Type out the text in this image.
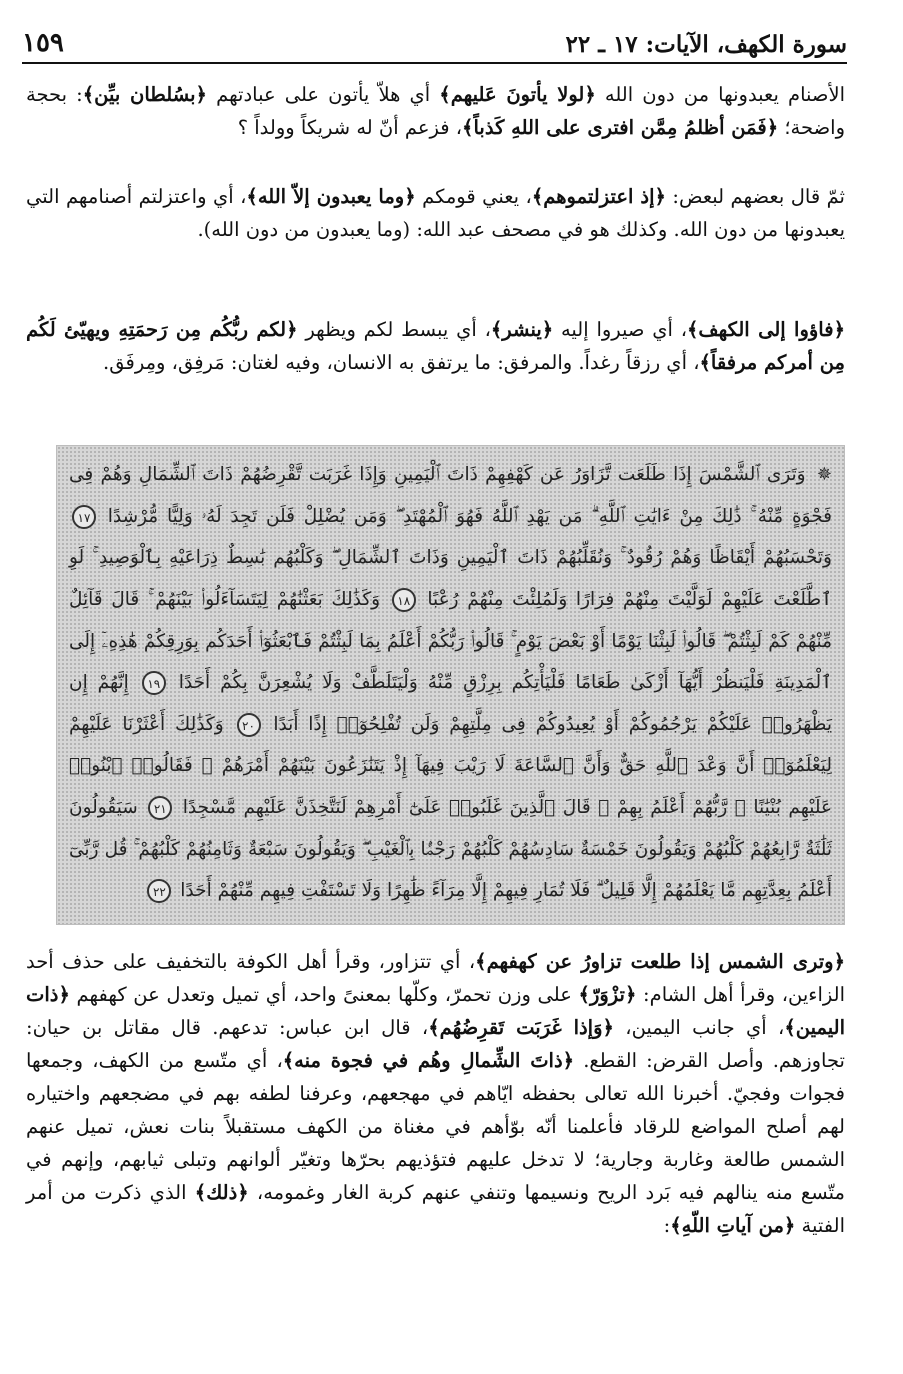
سورة الكهف، الآيات: ١٧ ـ ٢٢
١٥٩

الأصنام يعبدونها من دون الله ﴿لولا يأتونَ عَليهم﴾ أي هلاّ يأتون على عبادتهم ﴿بسُلطان بيِّن﴾: بحجة واضحة؛ ﴿فَمَن أظلمُ مِمَّن افترى على اللهِ كَذباً﴾، فزعم أنّ له شريكاً وولداً ؟

ثمّ قال بعضهم لبعض: ﴿إذ اعتزلتموهم﴾، يعني قومكم ﴿وما يعبدون إلاّ الله﴾، أي واعتزلتم أصنامهم التي يعبدونها من دون الله. وكذلك هو في مصحف عبد الله: (وما يعبدون من دون الله).

﴿فاؤوا إلى الكهف﴾، أي صيروا إليه ﴿ينشر﴾، أي يبسط لكم ويظهر ﴿لكم ربُّكُم مِن رَحمَتِهِ ويهيّئ لَكُم مِن أمركم مرفقاً﴾، أي رزقاً رغداً. والمرفق: ما يرتفق به الانسان، وفيه لغتان: مَرفِق، ومِرفَق.

✵ وَتَرَى ٱلشَّمْسَ إِذَا طَلَعَت تَّزَاوَرُ عَن كَهْفِهِمْ ذَاتَ ٱلْيَمِينِ وَإِذَا غَرَبَت تَّقْرِضُهُمْ ذَاتَ ٱلشِّمَالِ وَهُمْ فِى فَجْوَةٍ مِّنْهُ ۚ ذَٰلِكَ مِنْ ءَايَٰتِ ٱللَّهِ ۗ مَن يَهْدِ ٱللَّهُ فَهُوَ ٱلْمُهْتَدِ ۖ وَمَن يُضْلِلْ فَلَن تَجِدَ لَهُۥ وَلِيًّا مُّرْشِدًا ١٧ وَتَحْسَبُهُمْ أَيْقَاظًا وَهُمْ رُقُودٌ ۚ وَنُقَلِّبُهُمْ ذَاتَ ٱلْيَمِينِ وَذَاتَ ٱلشِّمَالِ ۖ وَكَلْبُهُم بَٰسِطٌ ذِرَاعَيْهِ بِٱلْوَصِيدِ ۚ لَوِ ٱطَّلَعْتَ عَلَيْهِمْ لَوَلَّيْتَ مِنْهُمْ فِرَارًا وَلَمُلِئْتَ مِنْهُمْ رُعْبًا ١٨ وَكَذَٰلِكَ بَعَثْنَٰهُمْ لِيَتَسَآءَلُوا۟ بَيْنَهُمْ ۚ قَالَ قَآئِلٌ مِّنْهُمْ كَمْ لَبِثْتُمْ ۖ قَالُوا۟ لَبِثْنَا يَوْمًا أَوْ بَعْضَ يَوْمٍ ۚ قَالُوا۟ رَبُّكُمْ أَعْلَمُ بِمَا لَبِثْتُمْ فَٱبْعَثُوٓا۟ أَحَدَكُم بِوَرِقِكُمْ هَٰذِهِۦٓ إِلَى ٱلْمَدِينَةِ فَلْيَنظُرْ أَيُّهَآ أَزْكَىٰ طَعَامًا فَلْيَأْتِكُم بِرِزْقٍ مِّنْهُ وَلْيَتَلَطَّفْ وَلَا يُشْعِرَنَّ بِكُمْ أَحَدًا ١٩ إِنَّهُمْ إِن يَظْهَرُوا۟ عَلَيْكُمْ يَرْجُمُوكُمْ أَوْ يُعِيدُوكُمْ فِى مِلَّتِهِمْ وَلَن تُفْلِحُوٓا۟ إِذًا أَبَدًا ٢٠ وَكَذَٰلِكَ أَعْثَرْنَا عَلَيْهِمْ لِيَعْلَمُوٓا۟ أَنَّ وَعْدَ ٱللَّهِ حَقٌّ وَأَنَّ ٱلسَّاعَةَ لَا رَيْبَ فِيهَآ إِذْ يَتَنَٰزَعُونَ بَيْنَهُمْ أَمْرَهُمْ ۖ فَقَالُوا۟ ٱبْنُوا۟ عَلَيْهِم بُنْيَٰنًا ۖ رَّبُّهُمْ أَعْلَمُ بِهِمْ ۚ قَالَ ٱلَّذِينَ غَلَبُوا۟ عَلَىٰٓ أَمْرِهِمْ لَنَتَّخِذَنَّ عَلَيْهِم مَّسْجِدًا ٢١ سَيَقُولُونَ ثَلَٰثَةٌ رَّابِعُهُمْ كَلْبُهُمْ وَيَقُولُونَ خَمْسَةٌ سَادِسُهُمْ كَلْبُهُمْ رَجْمًۢا بِٱلْغَيْبِ ۖ وَيَقُولُونَ سَبْعَةٌ وَثَامِنُهُمْ كَلْبُهُمْ ۚ قُل رَّبِّىٓ أَعْلَمُ بِعِدَّتِهِم مَّا يَعْلَمُهُمْ إِلَّا قَلِيلٌ ۗ فَلَا تُمَارِ فِيهِمْ إِلَّا مِرَآءً ظَٰهِرًا وَلَا تَسْتَفْتِ فِيهِم مِّنْهُمْ أَحَدًا ٢٢

﴿وترى الشمس إذا طلعت تزاورُ عن كهفهم﴾، أي تتزاور، وقرأ أهل الكوفة بالتخفيف على حذف أحد الزاءين، وقرأ أهل الشام: ﴿تزْوَرّ﴾ على وزن تحمرّ، وكلّها بمعنىً واحد، أي تميل وتعدل عن كهفهم ﴿ذات اليمين﴾، أي جانب اليمين، ﴿وَإذا غَرَبَت تَقرِضُهُم﴾، قال ابن عباس: تدعهم. قال مقاتل بن حيان: تجاوزهم. وأصل القرض: القطع. ﴿ذاتَ الشِّمالِ وهُم في فجوة منه﴾، أي متّسع من الكهف، وجمعها فجوات وفجيّ. أخبرنا الله تعالى بحفظه ايّاهم في مهجعهم، وعرفنا لطفه بهم في مضجعهم واختياره لهم أصلح المواضع للرقاد فأعلمنا أنّه بوّأهم في مغناة من الكهف مستقبلاً بنات نعش، تميل عنهم الشمس طالعة وغاربة وجارية؛ لا تدخل عليهم فتؤذيهم بحرّها وتغيّر ألوانهم وتبلى ثيابهم، وإنهم في متّسع منه ينالهم فيه بَرد الريح ونسيمها وتنفي عنهم كربة الغار وغمومه، ﴿ذلك﴾ الذي ذكرت من أمر الفتية ﴿من آياتِ اللّهِ﴾:
